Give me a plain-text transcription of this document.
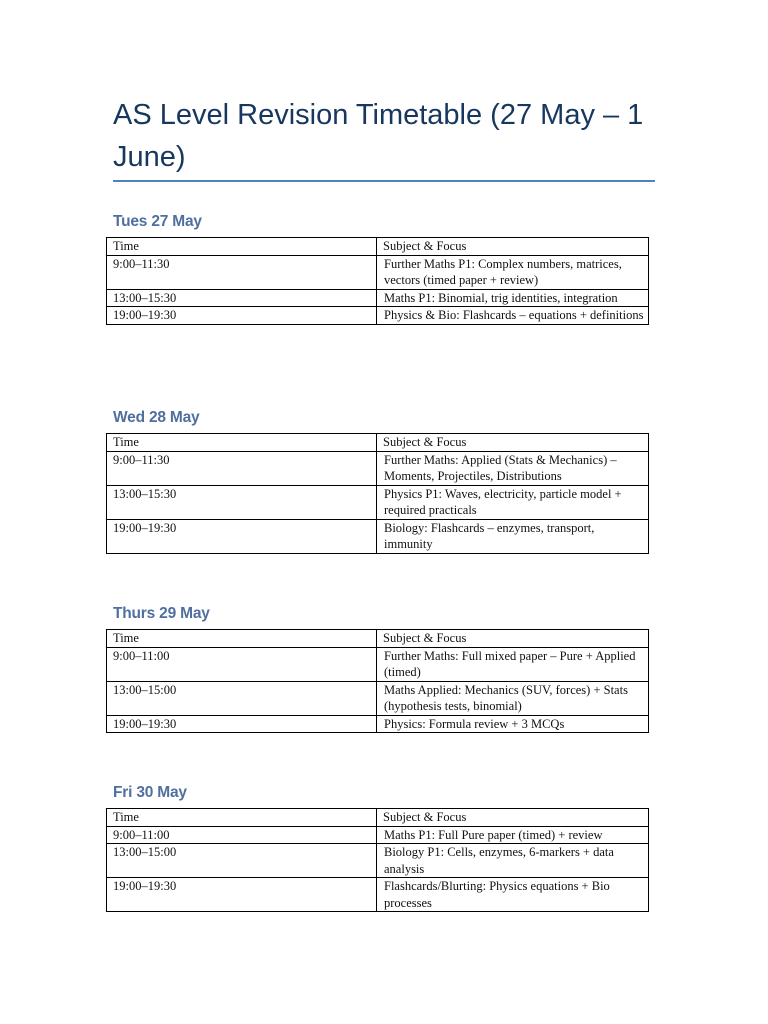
AS Level Revision Timetable (27 May – 1 June)
Tues 27 May
Time	Subject & Focus
9:00–11:30	Further Maths P1: Complex numbers, matrices, vectors (timed paper + review)
13:00–15:30	Maths P1: Binomial, trig identities, integration
19:00–19:30	Physics & Bio: Flashcards – equations + definitions
Wed 28 May
Time	Subject & Focus
9:00–11:30	Further Maths: Applied (Stats & Mechanics) – Moments, Projectiles, Distributions
13:00–15:30	Physics P1: Waves, electricity, particle model + required practicals
19:00–19:30	Biology: Flashcards – enzymes, transport, immunity
Thurs 29 May
Time	Subject & Focus
9:00–11:00	Further Maths: Full mixed paper – Pure + Applied (timed)
13:00–15:00	Maths Applied: Mechanics (SUV, forces) + Stats (hypothesis tests, binomial)
19:00–19:30	Physics: Formula review + 3 MCQs
Fri 30 May
Time	Subject & Focus
9:00–11:00	Maths P1: Full Pure paper (timed) + review
13:00–15:00	Biology P1: Cells, enzymes, 6-markers + data analysis
19:00–19:30	Flashcards/Blurting: Physics equations + Bio processes
